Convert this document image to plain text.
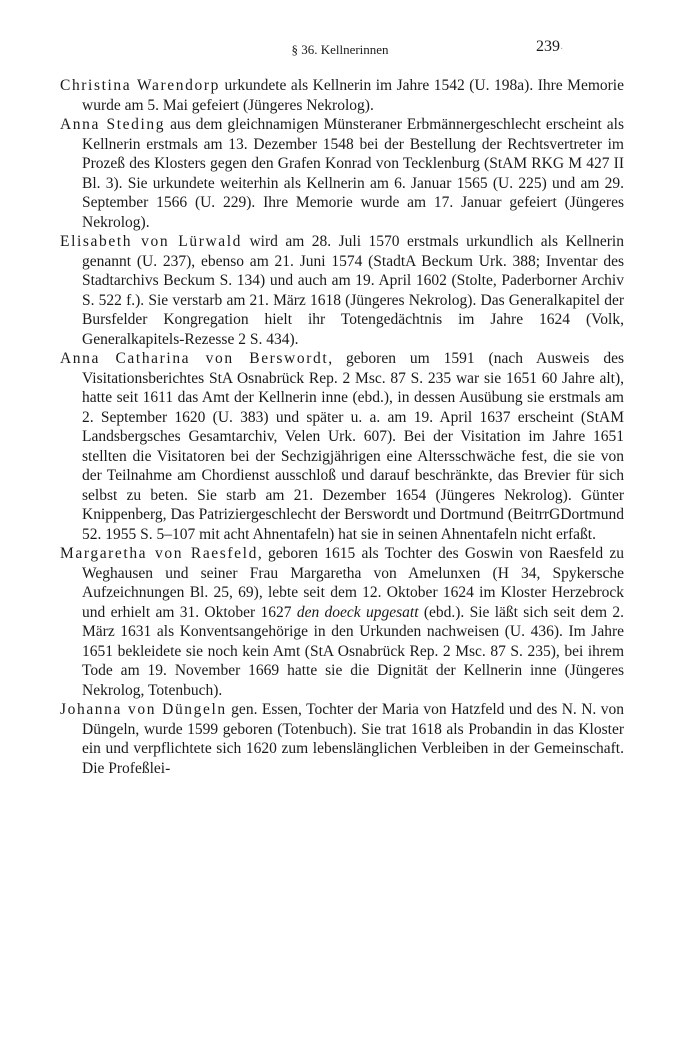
§ 36. Kellnerinnen	239 ·

Christina Warendorp urkundete als Kellnerin im Jahre 1542 (U. 198a). Ihre Memorie wurde am 5. Mai gefeiert (Jüngeres Nekrolog).

Anna Steding aus dem gleichnamigen Münsteraner Erbmännergeschlecht erscheint als Kellnerin erstmals am 13. Dezember 1548 bei der Bestellung der Rechtsvertreter im Prozeß des Klosters gegen den Grafen Konrad von Tecklenburg (StAM RKG M 427 II Bl. 3). Sie urkundete weiterhin als Kellnerin am 6. Januar 1565 (U. 225) und am 29. September 1566 (U. 229). Ihre Memorie wurde am 17. Januar gefeiert (Jüngeres Nekrolog).

Elisabeth von Lürwald wird am 28. Juli 1570 erstmals urkundlich als Kellnerin genannt (U. 237), ebenso am 21. Juni 1574 (StadtA Beckum Urk. 388; Inventar des Stadtarchivs Beckum S. 134) und auch am 19. April 1602 (Stolte, Paderborner Archiv S. 522 f.). Sie verstarb am 21. März 1618 (Jüngeres Nekrolog). Das Generalkapitel der Bursfelder Kongregation hielt ihr Totengedächtnis im Jahre 1624 (Volk, Generalkapitels-Rezesse 2 S. 434).

Anna Catharina von Berswordt, geboren um 1591 (nach Ausweis des Visitationsberichtes StA Osnabrück Rep. 2 Msc. 87 S. 235 war sie 1651 60 Jahre alt), hatte seit 1611 das Amt der Kellnerin inne (ebd.), in dessen Ausübung sie erstmals am 2. September 1620 (U. 383) und später u. a. am 19. April 1637 erscheint (StAM Landsbergsches Gesamtarchiv, Velen Urk. 607). Bei der Visitation im Jahre 1651 stellten die Visitatoren bei der Sechzigjährigen eine Altersschwäche fest, die sie von der Teilnahme am Chordienst ausschloß und darauf beschränkte, das Brevier für sich selbst zu beten. Sie starb am 21. Dezember 1654 (Jüngeres Nekrolog). Günter Knippenberg, Das Patriziergeschlecht der Berswordt und Dortmund (BeitrrGDortmund 52. 1955 S. 5–107 mit acht Ahnentafeln) hat sie in seinen Ahnentafeln nicht erfaßt.

Margaretha von Raesfeld, geboren 1615 als Tochter des Goswin von Raesfeld zu Weghausen und seiner Frau Margaretha von Amelunxen (H 34, Spykersche Aufzeichnungen Bl. 25, 69), lebte seit dem 12. Oktober 1624 im Kloster Herzebrock und erhielt am 31. Oktober 1627 den doeck upgesatt (ebd.). Sie läßt sich seit dem 2. März 1631 als Konventsangehörige in den Urkunden nachweisen (U. 436). Im Jahre 1651 bekleidete sie noch kein Amt (StA Osnabrück Rep. 2 Msc. 87 S. 235), bei ihrem Tode am 19. November 1669 hatte sie die Dignität der Kellnerin inne (Jüngeres Nekrolog, Totenbuch).

Johanna von Düngeln gen. Essen, Tochter der Maria von Hatzfeld und des N. N. von Düngeln, wurde 1599 geboren (Totenbuch). Sie trat 1618 als Probandin in das Kloster ein und verpflichtete sich 1620 zum lebenslänglichen Verbleiben in der Gemeinschaft. Die Profeßlei-
